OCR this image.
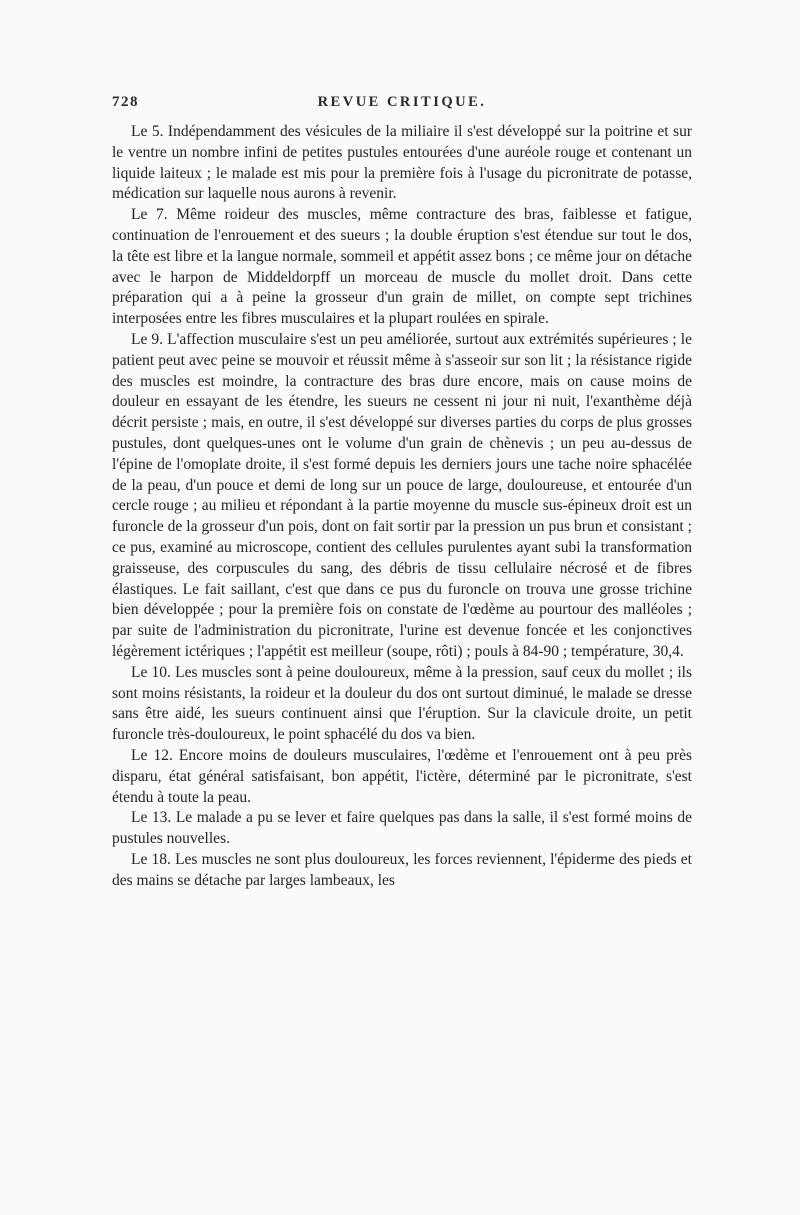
728	REVUE CRITIQUE.

Le 5. Indépendamment des vésicules de la miliaire il s'est développé sur la poitrine et sur le ventre un nombre infini de petites pustules entourées d'une auréole rouge et contenant un liquide laiteux ; le malade est mis pour la première fois à l'usage du picronitrate de potasse, médication sur laquelle nous aurons à revenir.

Le 7. Même roideur des muscles, même contracture des bras, faiblesse et fatigue, continuation de l'enrouement et des sueurs ; la double éruption s'est étendue sur tout le dos, la tête est libre et la langue normale, sommeil et appétit assez bons ; ce même jour on détache avec le harpon de Middeldorpff un morceau de muscle du mollet droit. Dans cette préparation qui a à peine la grosseur d'un grain de millet, on compte sept trichines interposées entre les fibres musculaires et la plupart roulées en spirale.

Le 9. L'affection musculaire s'est un peu améliorée, surtout aux extrémités supérieures ; le patient peut avec peine se mouvoir et réussit même à s'asseoir sur son lit ; la résistance rigide des muscles est moindre, la contracture des bras dure encore, mais on cause moins de douleur en essayant de les étendre, les sueurs ne cessent ni jour ni nuit, l'exanthème déjà décrit persiste ; mais, en outre, il s'est développé sur diverses parties du corps de plus grosses pustules, dont quelques-unes ont le volume d'un grain de chènevis ; un peu au-dessus de l'épine de l'omoplate droite, il s'est formé depuis les derniers jours une tache noire sphacélée de la peau, d'un pouce et demi de long sur un pouce de large, douloureuse, et entourée d'un cercle rouge ; au milieu et répondant à la partie moyenne du muscle sus-épineux droit est un furoncle de la grosseur d'un pois, dont on fait sortir par la pression un pus brun et consistant ; ce pus, examiné au microscope, contient des cellules purulentes ayant subi la transformation graisseuse, des corpuscules du sang, des débris de tissu cellulaire nécrosé et de fibres élastiques. Le fait saillant, c'est que dans ce pus du furoncle on trouva une grosse trichine bien développée ; pour la première fois on constate de l'œdème au pourtour des malléoles ; par suite de l'administration du picronitrate, l'urine est devenue foncée et les conjonctives légèrement ictériques ; l'appétit est meilleur (soupe, rôti) ; pouls à 84-90 ; température, 30,4.

Le 10. Les muscles sont à peine douloureux, même à la pression, sauf ceux du mollet ; ils sont moins résistants, la roideur et la douleur du dos ont surtout diminué, le malade se dresse sans être aidé, les sueurs continuent ainsi que l'éruption. Sur la clavicule droite, un petit furoncle très-douloureux, le point sphacélé du dos va bien.

Le 12. Encore moins de douleurs musculaires, l'œdème et l'enrouement ont à peu près disparu, état général satisfaisant, bon appétit, l'ictère, déterminé par le picronitrate, s'est étendu à toute la peau.

Le 13. Le malade a pu se lever et faire quelques pas dans la salle, il s'est formé moins de pustules nouvelles.

Le 18. Les muscles ne sont plus douloureux, les forces reviennent, l'épiderme des pieds et des mains se détache par larges lambeaux, les
